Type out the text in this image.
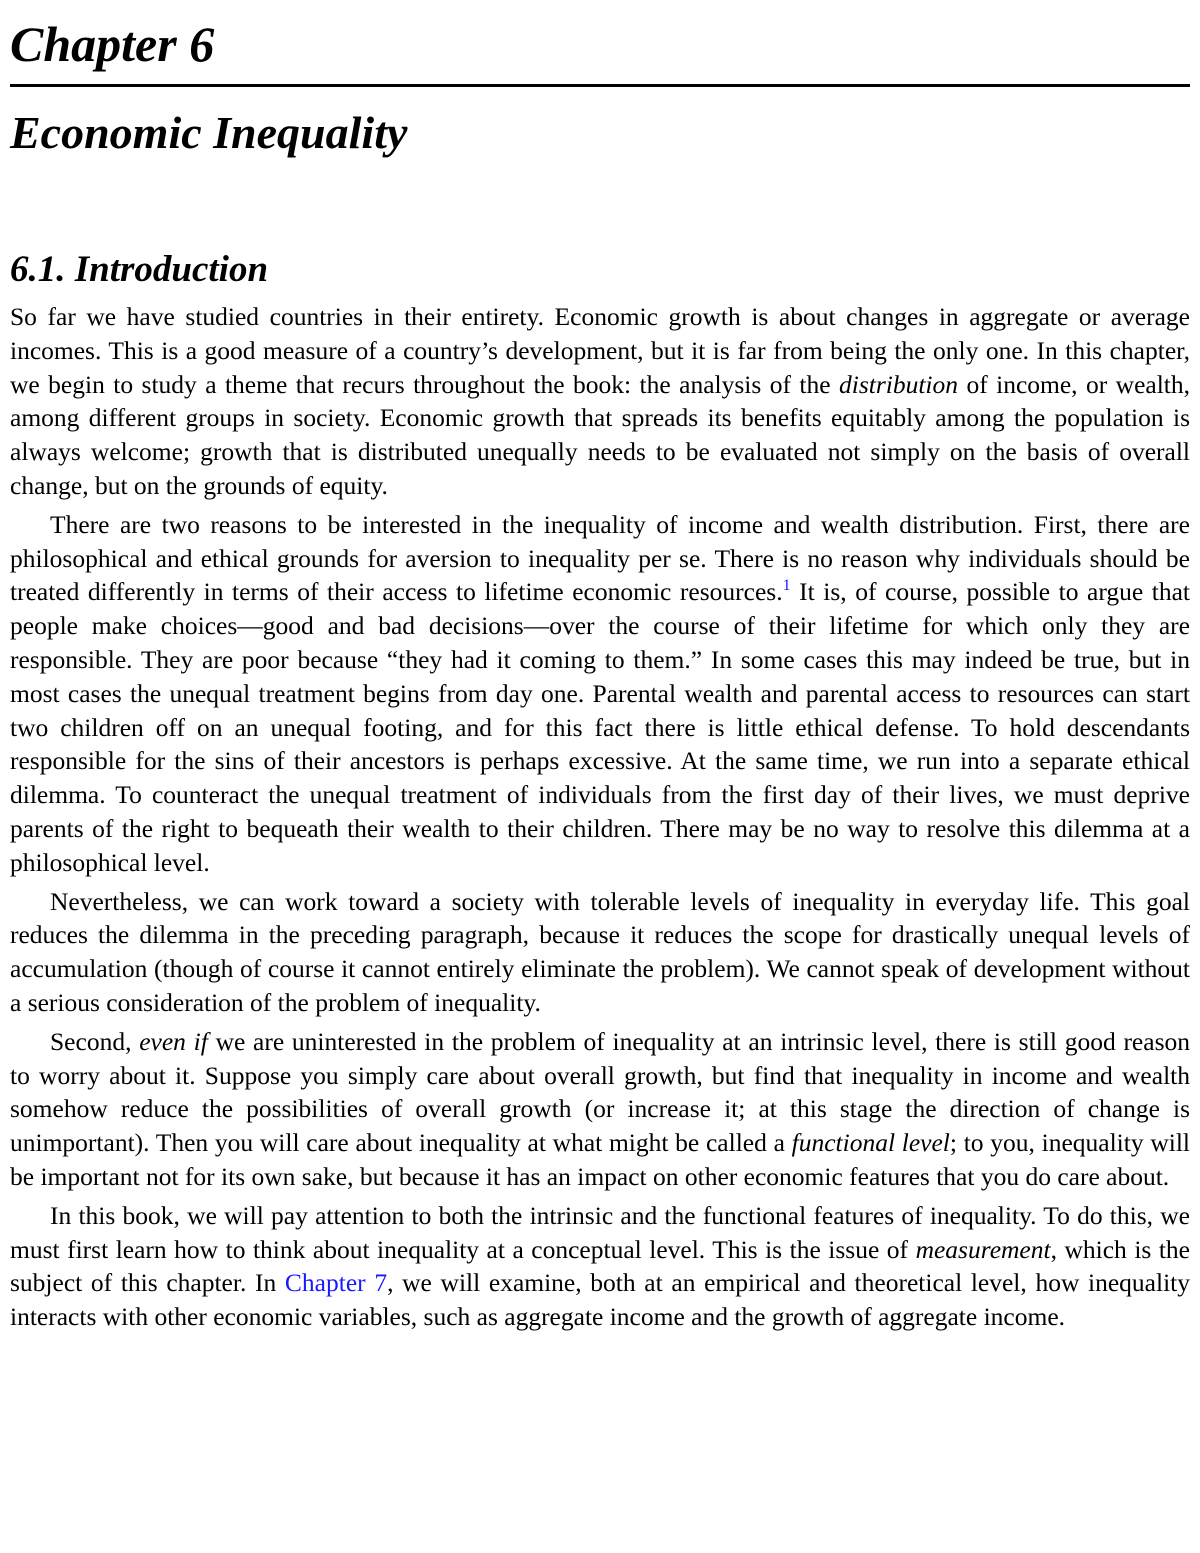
Chapter 6
Economic Inequality
6.1. Introduction

So far we have studied countries in their entirety. Economic growth is about changes in aggregate or average incomes. This is a good measure of a country’s development, but it is far from being the only one. In this chapter, we begin to study a theme that recurs throughout the book: the analysis of the distribution of income, or wealth, among different groups in society. Economic growth that spreads its benefits equitably among the population is always welcome; growth that is distributed unequally needs to be evaluated not simply on the basis of overall change, but on the grounds of equity.

There are two reasons to be interested in the inequality of income and wealth distribution. First, there are philosophical and ethical grounds for aversion to inequality per se. There is no reason why individuals should be treated differently in terms of their access to lifetime economic resources.$^1$ It is, of course, possible to argue that people make choices—good and bad decisions—over the course of their lifetime for which only they are responsible. They are poor because “they had it coming to them.” In some cases this may indeed be true, but in most cases the unequal treatment begins from day one. Parental wealth and parental access to resources can start two children off on an unequal footing, and for this fact there is little ethical defense. To hold descendants responsible for the sins of their ancestors is perhaps excessive. At the same time, we run into a separate ethical dilemma. To counteract the unequal treatment of individuals from the first day of their lives, we must deprive parents of the right to bequeath their wealth to their children. There may be no way to resolve this dilemma at a philosophical level.

Nevertheless, we can work toward a society with tolerable levels of inequality in everyday life. This goal reduces the dilemma in the preceding paragraph, because it reduces the scope for drastically unequal levels of accumulation (though of course it cannot entirely eliminate the problem). We cannot speak of development without a serious consideration of the problem of inequality.

Second, even if we are uninterested in the problem of inequality at an intrinsic level, there is still good reason to worry about it. Suppose you simply care about overall growth, but find that inequality in income and wealth somehow reduce the possibilities of overall growth (or increase it; at this stage the direction of change is unimportant). Then you will care about inequality at what might be called a functional level; to you, inequality will be important not for its own sake, but because it has an impact on other economic features that you do care about.

In this book, we will pay attention to both the intrinsic and the functional features of inequality. To do this, we must first learn how to think about inequality at a conceptual level. This is the issue of measurement, which is the subject of this chapter. In Chapter 7, we will examine, both at an empirical and theoretical level, how inequality interacts with other economic variables, such as aggregate income and the growth of aggregate income.
